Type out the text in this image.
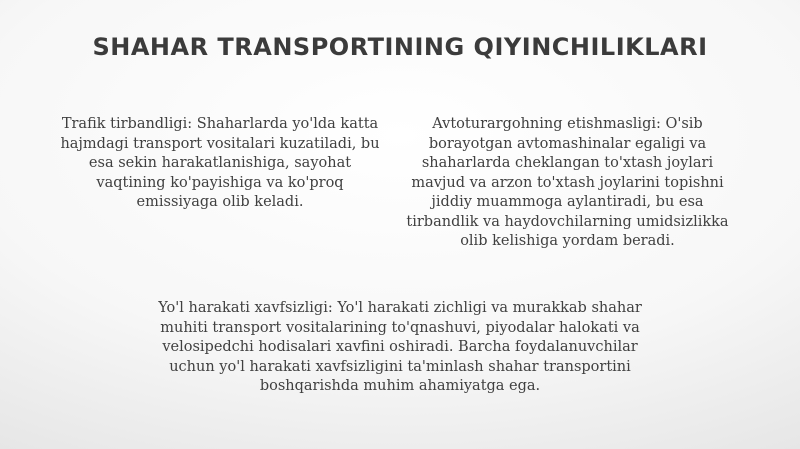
SHAHAR TRANSPORTINING QIYINCHILIKLARI

Trafik tirbandligi: Shaharlarda yo'lda katta hajmdagi transport vositalari kuzatiladi, bu esa sekin harakatlanishiga, sayohat vaqtining ko'payishiga va ko'proq emissiyaga olib keladi.

Avtoturargohning etishmasligi: O'sib borayotgan avtomashinalar egaligi va shaharlarda cheklangan to'xtash joylari mavjud va arzon to'xtash joylarini topishni jiddiy muammoga aylantiradi, bu esa tirbandlik va haydovchilarning umidsizlikka olib kelishiga yordam beradi.

Yo'l harakati xavfsizligi: Yo'l harakati zichligi va murakkab shahar muhiti transport vositalarining to'qnashuvi, piyodalar halokati va velosipedchi hodisalari xavfini oshiradi. Barcha foydalanuvchilar uchun yo'l harakati xavfsizligini ta'minlash shahar transportini boshqarishda muhim ahamiyatga ega.
